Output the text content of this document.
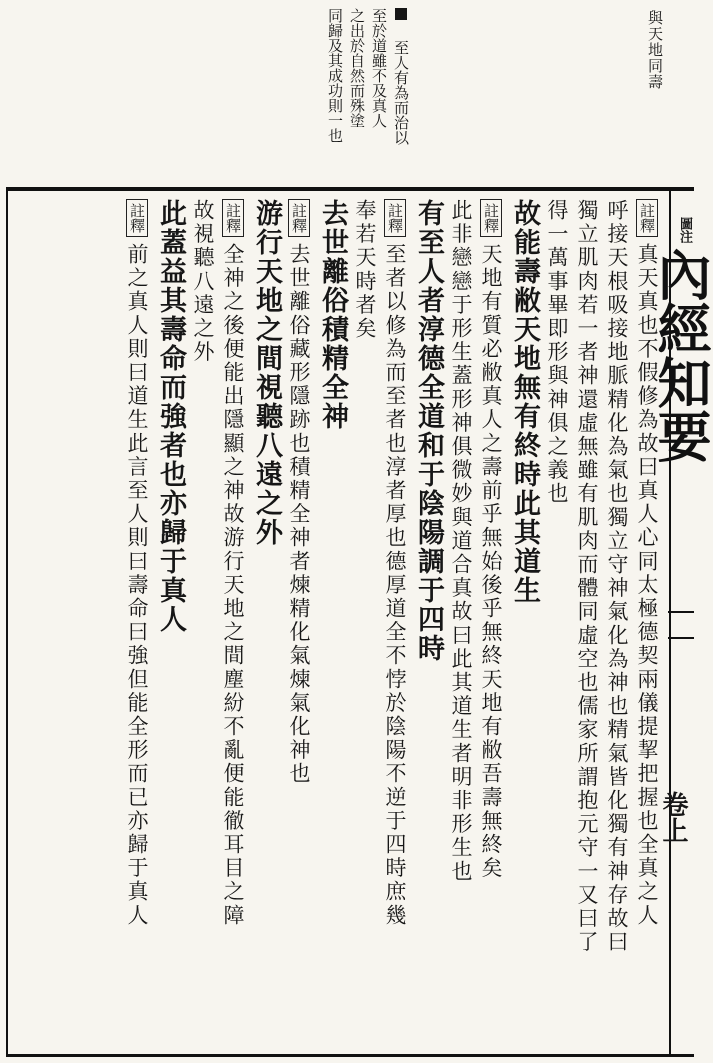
與天地同壽
至人有為而治以至於道雖不及真人之出於自然而殊塗同歸及其成功則一也
圖注
內經知要
卷上
註釋真天真也不假修為故曰真人心同太極德契兩儀提挈把握也全真之人
呼接天根吸接地脈精化為氣也獨立守神氣化為神也精氣皆化獨有神存故曰
獨立肌肉若一者神還虛無雖有肌肉而體同虛空也儒家所謂抱元守一又曰了
得一萬事畢即形與神俱之義也
故能壽敝天地無有終時此其道生
註釋天地有質必敝真人之壽前乎無始後乎無終天地有敝吾壽無終矣
此非戀戀于形生蓋形神俱微妙與道合真故曰此其道生者明非形生也
有至人者淳德全道和于陰陽調于四時
註釋至者以修為而至者也淳者厚也德厚道全不悖於陰陽不逆于四時庶幾
奉若天時者矣
去世離俗積精全神
註釋去世離俗藏形隱跡也積精全神者煉精化氣煉氣化神也
游行天地之間視聽八遠之外
註釋全神之後便能出隱顯之神故游行天地之間塵紛不亂便能徹耳目之障
故視聽八遠之外
此蓋益其壽命而強者也亦歸于真人
註釋前之真人則曰道生此言至人則曰壽命曰強但能全形而已亦歸于真人
